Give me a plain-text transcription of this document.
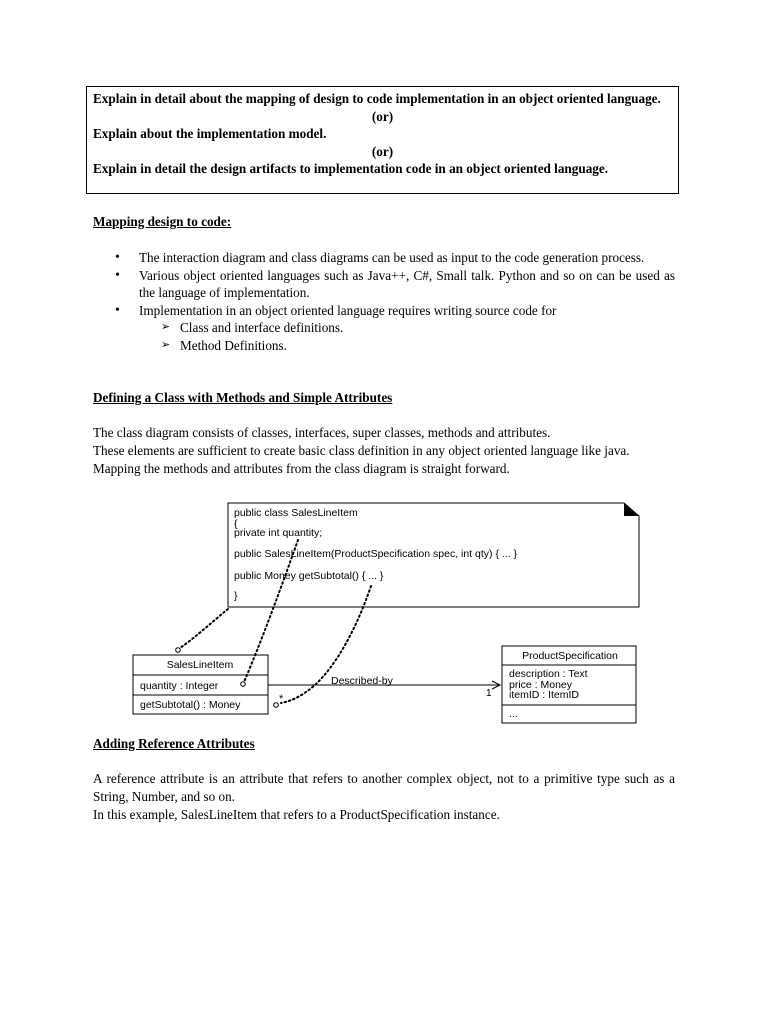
Explain in detail about the mapping of design to code implementation in an object oriented language.

(or)

Explain about the implementation model.

(or)

Explain in detail the design artifacts to implementation code in an object oriented language.

Mapping design to code:

• The interaction diagram and class diagrams can be used as input to the code generation process.
• Various object oriented languages such as Java++, C#, Small talk. Python and so on can be used as the language of implementation.
• Implementation in an object oriented language requires writing source code for
➢ Class and interface definitions.
➢ Method Definitions.

Defining a Class with Methods and Simple Attributes

The class diagram consists of classes, interfaces, super classes, methods and attributes.
These elements are sufficient to create basic class definition in any object oriented language like java.
Mapping the methods and attributes from the class diagram is straight forward.
public class SalesLineItem
{
private int quantity;
public SalesLineItem(ProductSpecification spec, int qty) { ... }
public Money getSubtotal() { ... }
}
SalesLineItem
quantity : Integer
getSubtotal() : Money
Described-by
*	1
ProductSpecification
description : Text
price : Money
itemID : ItemID
...

Adding Reference Attributes

A reference attribute is an attribute that refers to another complex object, not to a primitive type such as a String, Number, and so on.
In this example, SalesLineItem that refers to a ProductSpecification instance.
